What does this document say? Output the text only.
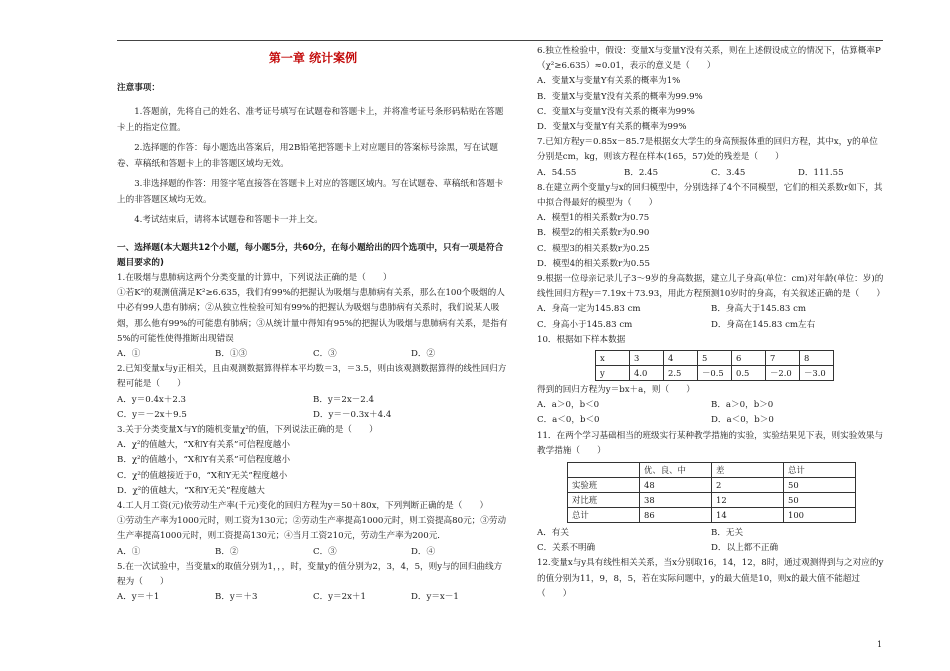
第一章 统计案例
注意事项：
1.答题前，先将自己的姓名、准考证号填写在试题卷和答题卡上，并将准考证号条形码粘贴在答题卡上的指定位置。
2.选择题的作答：每小题选出答案后，用2B铅笔把答题卡上对应题目的答案标号涂黑，写在试题卷、草稿纸和答题卡上的非答题区域均无效。
3.非选择题的作答：用签字笔直接答在答题卡上对应的答题区域内。写在试题卷、草稿纸和答题卡上的非答题区域均无效。
4.考试结束后，请将本试题卷和答题卡一并上交。
一、选择题(本大题共12个小题，每小题5分，共60分，在每小题给出的四个选项中，只有一项是符合题目要求的)
1.在吸烟与患肺病这两个分类变量的计算中，下列说法正确的是（　　）
①若K²的观测值满足K²≥6.635，我们有99%的把握认为吸烟与患肺病有关系，那么在100个吸烟的人中必有99人患有肺病；②从独立性检验可知有99%的把握认为吸烟与患肺病有关系时，我们说某人吸烟，那么他有99%的可能患有肺病；③从统计量中得知有95%的把握认为吸烟与患肺病有关系，是指有5%的可能性使得推断出现错误
A．①	B．①③	C．③	D．②
2.已知变量x与y正相关，且由观测数据算得样本平均数＝3，＝3.5，则由该观测数据算得的线性回归方程可能是（　　）
A．y＝0.4x＋2.3	B．y＝2x－2.4
C．y＝－2x＋9.5	D．y＝－0.3x＋4.4
3.关于分类变量X与Y的随机变量χ²的值，下列说法正确的是（　　）
A．χ²的值越大，“X和Y有关系”可信程度越小
B．χ²的值越小，“X和Y有关系”可信程度越小
C．χ²的值越接近于0，“X和Y无关”程度越小
D．χ²的值越大，“X和Y无关”程度越大
4.工人月工资(元)依劳动生产率(千元)变化的回归方程为y＝50＋80x，下列判断正确的是（　　）
①劳动生产率为1000元时，则工资为130元；②劳动生产率提高1000元时，则工资提高80元；③劳动生产率提高1000元时，则工资提高130元；④当月工资210元，劳动生产率为200元．
A．①	B．②	C．③	D．④
5.在一次试验中，当变量x的取值分别为1，，，时，变量y的值分别为2，3，4，5，则y与的回归曲线方程为（　　）
A．y＝＋1	B．y＝＋3	C．y＝2x＋1	D．y＝x－1
6.独立性检验中，假设：变量X与变量Y没有关系，则在上述假设成立的情况下，估算概率P（χ²≥6.635）≈0.01，表示的意义是（　　）
A．变量X与变量Y有关系的概率为1%
B．变量X与变量Y没有关系的概率为99.9%
C．变量X与变量Y没有关系的概率为99%
D．变量X与变量Y有关系的概率为99%
7.已知方程y＝0.85x－85.7是根据女大学生的身高预报体重的回归方程，其中x，y的单位分别是cm，kg，则该方程在样本(165，57)处的残差是（　　）
A．54.55	B．2.45	C．3.45	D．111.55
8.在建立两个变量y与x的回归模型中，分别选择了4个不同模型，它们的相关系数r如下，其中拟合得最好的模型为（　　）
A．模型1的相关系数r为0.75
B．模型2的相关系数r为0.90
C．模型3的相关系数r为0.25
D．模型4的相关系数r为0.55
9.根据一位母亲记录儿子3～9岁的身高数据，建立儿子身高(单位：cm)对年龄(单位：岁)的线性回归方程y＝7.19x＋73.93，用此方程预测10岁时的身高，有关叙述正确的是（　　）
A．身高一定为145.83 cm	B．身高大于145.83 cm
C．身高小于145.83 cm	D．身高在145.83 cm左右
10．根据如下样本数据
x	3	4	5	6	7	8
y	4.0	2.5	－0.5	0.5	－2.0	－3.0
得到的回归方程为y＝bx＋a，则（　　）
A．a＞0，b＜0	B．a＞0，b＞0
C．a＜0，b＜0	D．a＜0，b＞0
11．在两个学习基础相当的班级实行某种教学措施的实验，实验结果见下表，则实验效果与教学措施（　　）
	优、良、中	差	总计
实验班	48	2	50
对比班	38	12	50
总计	86	14	100
A．有关	B．无关
C．关系不明确	D．以上都不正确
12.变量x与y具有线性相关关系，当x分别取16，14，12，8时，通过观测得到与之对应的y的值分别为11，9，8，5，若在实际问题中，y的最大值是10，则x的最大值不能超过（　　）
1
